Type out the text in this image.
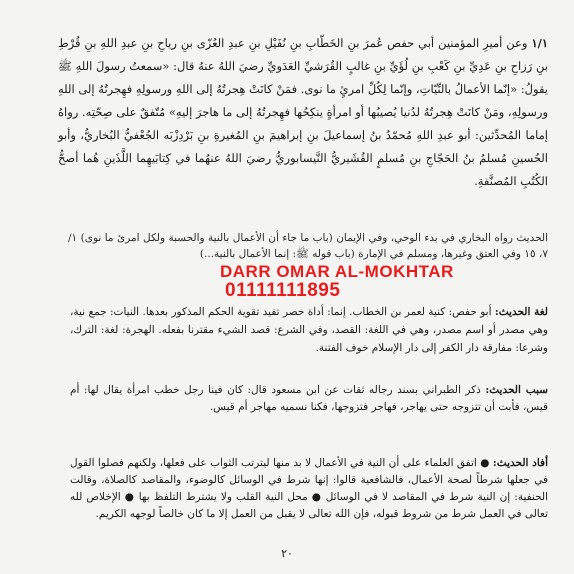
١/١ وعن أميرِ المؤمنين أبي حفص عُمرَ بنِ الخَطّابِ بنِ نُفَيْلِ بنِ عبدِ العُزّى بنِ رياحِ بنِ عبدِ اللهِ بنِ قُرْطِ بنِ رَزاحِ بنِ عَدِيِّ بنِ كَعْبِ بنِ لُؤَيِّ بنِ غالبٍ القُرَشيِّ العَدَويِّ رضيَ اللهُ عنهُ قال: «سمعتُ رسولَ اللهِ ﷺ يقولُ: «إنّما الأعمالُ بالنِّيّاتِ، وإنّما لِكُلِّ امرئٍ ما نوى. فمَنْ كانَتْ هِجرتُهُ إلى اللهِ ورسولِهِ فهِجرتُهُ إلى اللهِ ورسولِهِ، ومَنْ كانَتْ هِجرتُهُ لدُنيا يُصيبُها أو امرأةٍ ينكِحُها فهِجرتُهُ إلى ما هاجرَ إليهِ» مُتّفقٌ على صِحّتِه. رواهُ إماما المُحدِّثين: أبو عبدِ اللهِ مُحمّدُ بنُ إسماعيلَ بنِ إبراهيمَ بنِ المُغيرةِ بنِ بَرْدِزْبَه الجُعْفيُّ البُخاريُّ، وأبو الحُسينِ مُسلمُ بنُ الحَجّاجِ بنِ مُسلمٍ القُشَيريُّ النَّيسابوريُّ رضيَ اللهُ عنهُما في كِتابَيهِما اللَّذَينِ هُما أصحُّ الكُتُبِ المُصنَّفةِ.

الحديث رواه البخاري في بدء الوحي، وفي الإيمان (باب ما جاء أن الأعمال بالنية والحسبة ولكل امرئ ما نوى) ١/ ٧، ١٥ وفي العتق وغيرها، ومسلم في الإمارة (باب قوله ﷺ: إنما الأعمال بالنية...)
DARR OMAR AL-MOKHTAR
01111111895
لغة الحديث: أبو حفص: كنية لعمر بن الخطاب. إنما: أداة حصر تفيد تقوية الحكم المذكور بعدها. النيات: جمع نية، وهي مصدر أو اسم مصدر، وهي في اللغة: القصد، وفي الشرع: قصد الشيء مقترنا بفعله. الهجرة: لغة: الترك، وشرعا: مفارقة دار الكفر إلى دار الإسلام خوف الفتنة.
سبب الحديث: ذكر الطبراني بسند رجاله ثقات عن ابن مسعود قال: كان فينا رجل خطب امرأة يقال لها: أم قيس، فأبت أن تتزوجه حتى يهاجر، فهاجر فتزوجها، فكنا نسميه مهاجر أم قيس.
أفاد الحديث: ● اتفق العلماء على أن النية في الأعمال لا بد منها ليترتب الثواب على فعلها، ولكنهم فصلوا القول في جعلها شرطاً لصحة الأعمال، فالشافعية قالوا: إنها شرط في الوسائل كالوضوء، والمقاصد كالصلاة، وقالت الحنفية: إن النية شرط في المقاصد لا في الوسائل ● محل النية القلب ولا يشترط التلفظ بها ● الإخلاص لله تعالى في العمل شرط من شروط قبوله، فإن الله تعالى لا يقبل من العمل إلا ما كان خالصاً لوجهه الكريم.
٢٠
